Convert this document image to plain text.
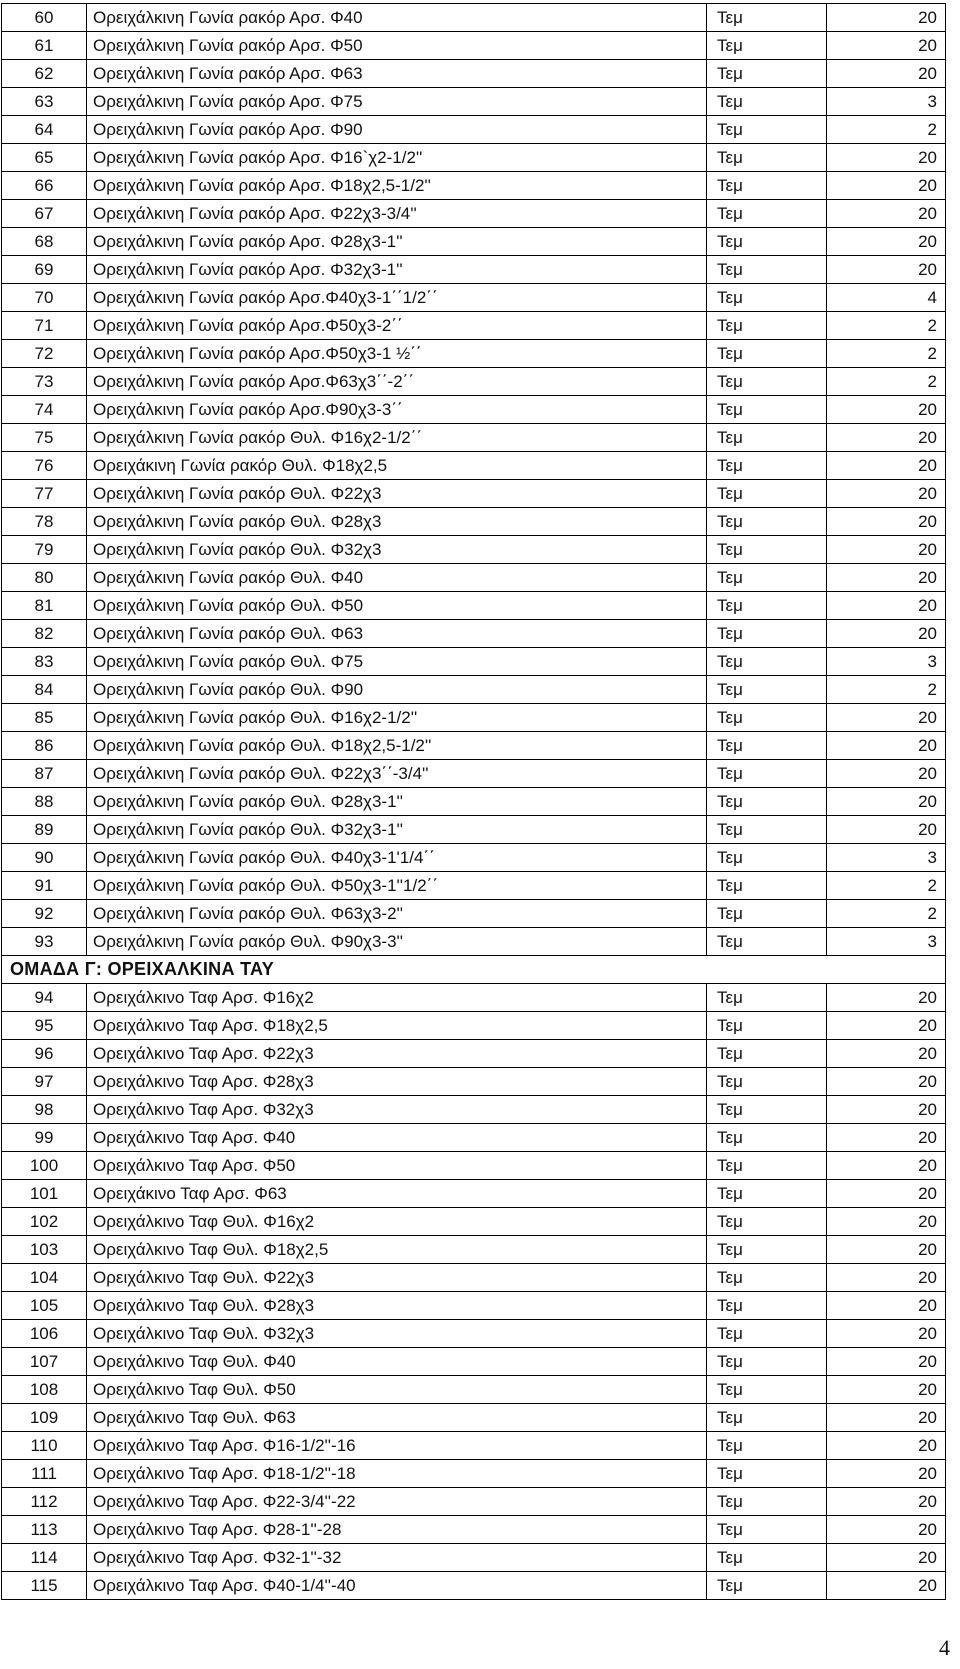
60	Ορειχάλκινη Γωνία ρακόρ Αρσ. Φ40	Τεμ	20
61	Ορειχάλκινη Γωνία ρακόρ Αρσ. Φ50	Τεμ	20
62	Ορειχάλκινη Γωνία ρακόρ Αρσ. Φ63	Τεμ	20
63	Ορειχάλκινη Γωνία ρακόρ Αρσ. Φ75	Τεμ	3
64	Ορειχάλκινη Γωνία ρακόρ Αρσ. Φ90	Τεμ	2
65	Ορειχάλκινη Γωνία ρακόρ Αρσ. Φ16`χ2-1/2''	Τεμ	20
66	Ορειχάλκινη Γωνία ρακόρ Αρσ. Φ18χ2,5-1/2''	Τεμ	20
67	Ορειχάλκινη Γωνία ρακόρ Αρσ. Φ22χ3-3/4''	Τεμ	20
68	Ορειχάλκινη Γωνία ρακόρ Αρσ. Φ28χ3-1''	Τεμ	20
69	Ορειχάλκινη Γωνία ρακόρ Αρσ. Φ32χ3-1''	Τεμ	20
70	Ορειχάλκινη Γωνία ρακόρ Αρσ.Φ40χ3-1΄΄1/2΄΄	Τεμ	4
71	Ορειχάλκινη Γωνία ρακόρ Αρσ.Φ50χ3-2΄΄	Τεμ	2
72	Ορειχάλκινη Γωνία ρακόρ Αρσ.Φ50χ3-1 ½΄΄	Τεμ	2
73	Ορειχάλκινη Γωνία ρακόρ Αρσ.Φ63χ3΄΄-2΄΄	Τεμ	2
74	Ορειχάλκινη Γωνία ρακόρ Αρσ.Φ90χ3-3΄΄	Τεμ	20
75	Ορειχάλκινη Γωνία ρακόρ Θυλ. Φ16χ2-1/2΄΄	Τεμ	20
76	Ορειχάκινη Γωνία ρακόρ Θυλ. Φ18χ2,5	Τεμ	20
77	Ορειχάλκινη Γωνία ρακόρ Θυλ. Φ22χ3	Τεμ	20
78	Ορειχάλκινη Γωνία ρακόρ Θυλ. Φ28χ3	Τεμ	20
79	Ορειχάλκινη Γωνία ρακόρ Θυλ. Φ32χ3	Τεμ	20
80	Ορειχάλκινη Γωνία ρακόρ Θυλ. Φ40	Τεμ	20
81	Ορειχάλκινη Γωνία ρακόρ Θυλ. Φ50	Τεμ	20
82	Ορειχάλκινη Γωνία ρακόρ Θυλ. Φ63	Τεμ	20
83	Ορειχάλκινη Γωνία ρακόρ Θυλ. Φ75	Τεμ	3
84	Ορειχάλκινη Γωνία ρακόρ Θυλ. Φ90	Τεμ	2
85	Ορειχάλκινη Γωνία ρακόρ Θυλ. Φ16χ2-1/2''	Τεμ	20
86	Ορειχάλκινη Γωνία ρακόρ Θυλ. Φ18χ2,5-1/2''	Τεμ	20
87	Ορειχάλκινη Γωνία ρακόρ Θυλ. Φ22χ3΄΄-3/4''	Τεμ	20
88	Ορειχάλκινη Γωνία ρακόρ Θυλ. Φ28χ3-1''	Τεμ	20
89	Ορειχάλκινη Γωνία ρακόρ Θυλ. Φ32χ3-1''	Τεμ	20
90	Ορειχάλκινη Γωνία ρακόρ Θυλ. Φ40χ3-1'1/4΄΄	Τεμ	3
91	Ορειχάλκινη Γωνία ρακόρ Θυλ. Φ50χ3-1''1/2΄΄	Τεμ	2
92	Ορειχάλκινη Γωνία ρακόρ Θυλ. Φ63χ3-2''	Τεμ	2
93	Ορειχάλκινη Γωνία ρακόρ Θυλ. Φ90χ3-3''	Τεμ	3
ΟΜΑΔΑ Γ: ΟΡΕΙΧΑΛΚΙΝΑ ΤΑΥ			
94	Ορειχάλκινο Ταφ Αρσ. Φ16χ2	Τεμ	20
95	Ορειχάλκινο Ταφ Αρσ. Φ18χ2,5	Τεμ	20
96	Ορειχάλκινο Ταφ Αρσ. Φ22χ3	Τεμ	20
97	Ορειχάλκινο Ταφ Αρσ. Φ28χ3	Τεμ	20
98	Ορειχάλκινο Ταφ Αρσ. Φ32χ3	Τεμ	20
99	Ορειχάλκινο Ταφ Αρσ. Φ40	Τεμ	20
100	Ορειχάλκινο Ταφ Αρσ. Φ50	Τεμ	20
101	Ορειχάκινο Ταφ Αρσ. Φ63	Τεμ	20
102	Ορειχάλκινο Ταφ Θυλ. Φ16χ2	Τεμ	20
103	Ορειχάλκινο Ταφ Θυλ. Φ18χ2,5	Τεμ	20
104	Ορειχάλκινο Ταφ Θυλ. Φ22χ3	Τεμ	20
105	Ορειχάλκινο Ταφ Θυλ. Φ28χ3	Τεμ	20
106	Ορειχάλκινο Ταφ Θυλ. Φ32χ3	Τεμ	20
107	Ορειχάλκινο Ταφ Θυλ. Φ40	Τεμ	20
108	Ορειχάλκινο Ταφ Θυλ. Φ50	Τεμ	20
109	Ορειχάλκινο Ταφ Θυλ. Φ63	Τεμ	20
110	Ορειχάλκινο Ταφ Αρσ. Φ16-1/2''-16	Τεμ	20
111	Ορειχάλκινο Ταφ Αρσ. Φ18-1/2''-18	Τεμ	20
112	Ορειχάλκινο Ταφ Αρσ. Φ22-3/4''-22	Τεμ	20
113	Ορειχάλκινο Ταφ Αρσ. Φ28-1''-28	Τεμ	20
114	Ορειχάλκινο Ταφ Αρσ. Φ32-1''-32	Τεμ	20
115	Ορειχάλκινο Ταφ Αρσ. Φ40-1/4''-40	Τεμ	20
4
